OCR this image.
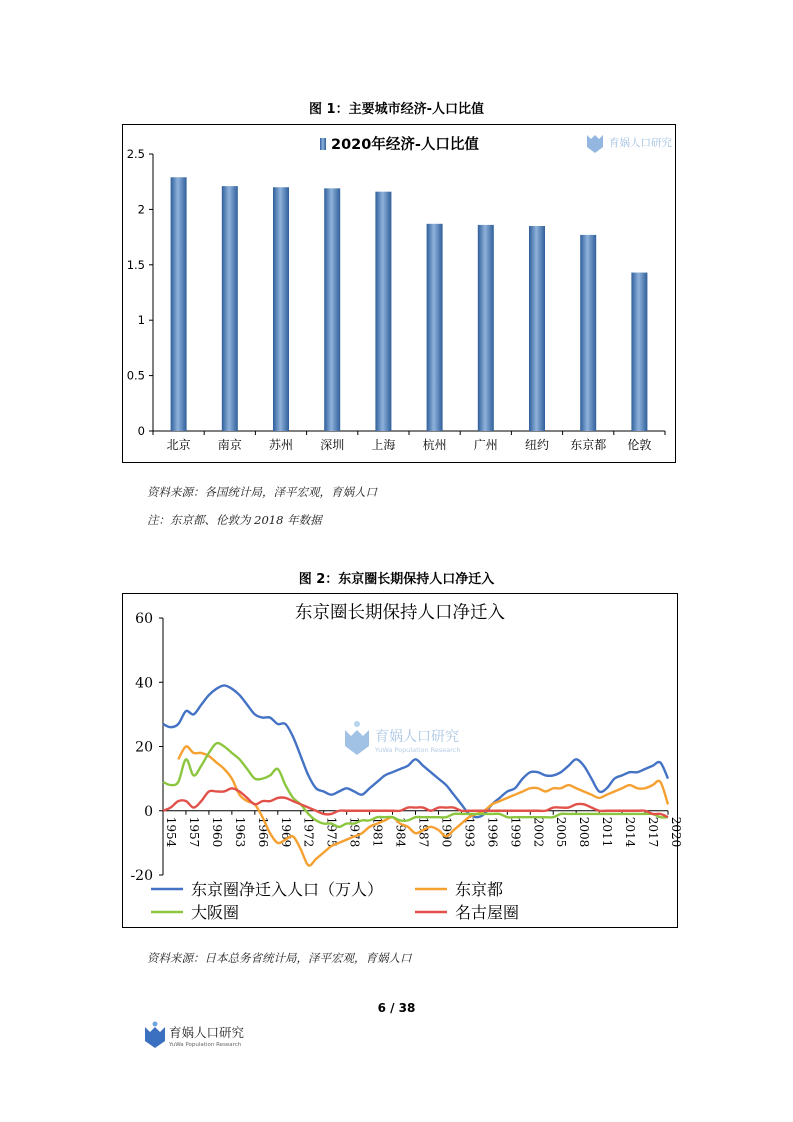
图 1：主要城市经济-人口比值
2020年经济-人口比值	育娲人口研究
0
0.5
1
1.5
2
2.5
北京 南京 苏州 深圳 上海 杭州 广州 纽约 东京都 伦敦
资料来源：各国统计局，泽平宏观，育娲人口
注：东京都、伦敦为 2018 年数据
图 2：东京圈长期保持人口净迁入
东京圈长期保持人口净迁入
育娲人口研究
YuWa Population Research
-20
0
20
40
60
1954 1957 1960 1963 1966 1969 1972 1975 1978 1981 1984 1987 1990 1993 1996 1999 2002 2005 2008 2011 2014 2017 2020
东京圈净迁入人口（万人）	东京都
大阪圈	名古屋圈
资料来源：日本总务省统计局，泽平宏观，育娲人口
6 / 38
育娲人口研究
YuWa Population Research
